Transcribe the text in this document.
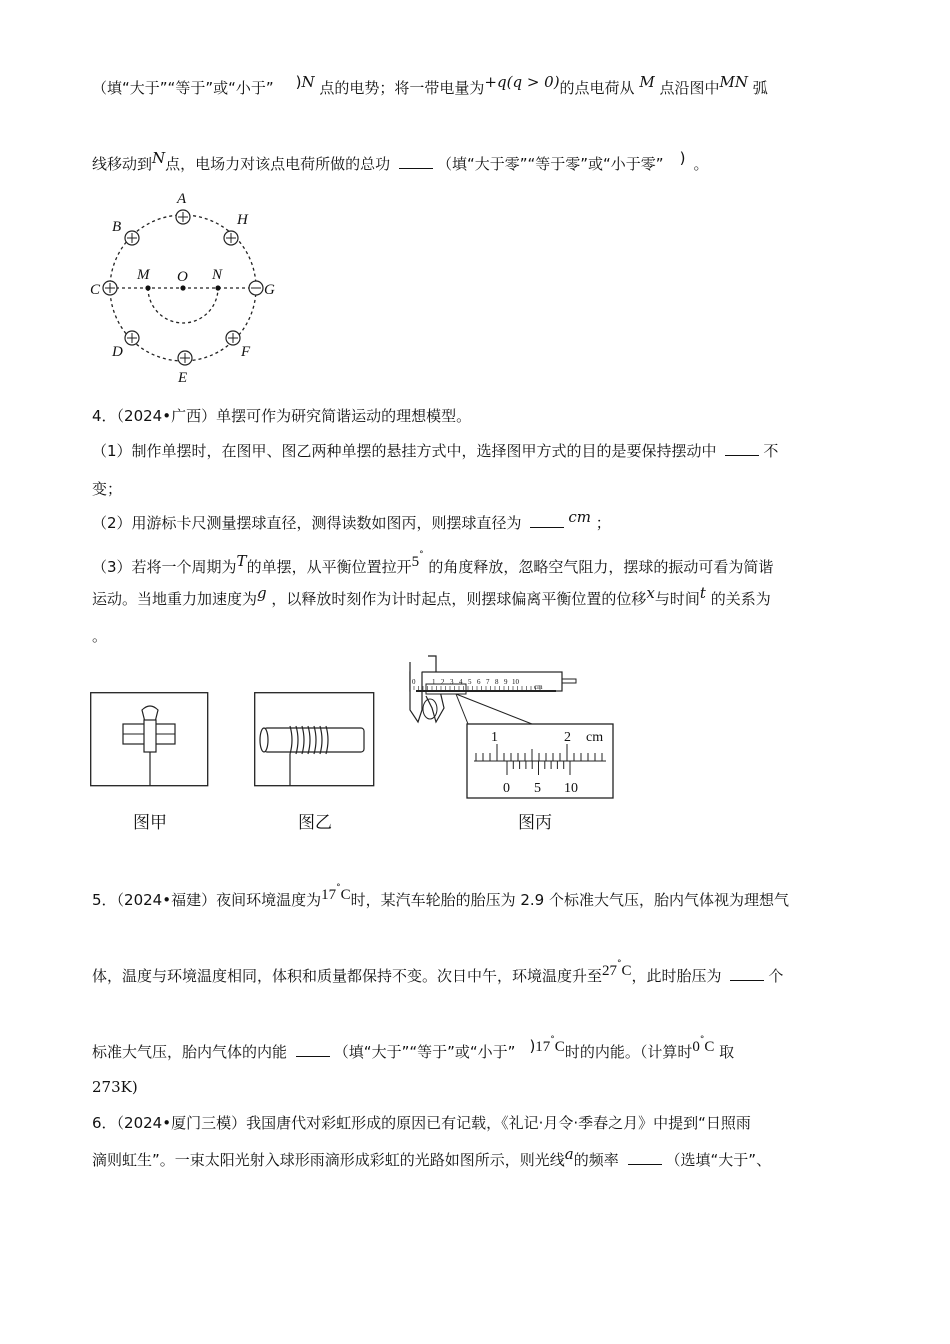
（填“大于”“等于”或“小于” )N 点的电势；将一带电量为+q(q > 0)的点电荷从 M 点沿图中MN 弧
线移动到N点，电场力对该点电荷所做的总功	（填“大于零”“等于零”或“小于零” ) 。
A
B
C
D
E
F
G
H
M O N
4．（2024•广西）单摆可作为研究简谐运动的理想模型。
（1）制作单摆时，在图甲、图乙两种单摆的悬挂方式中，选择图甲方式的目的是要保持摆动中	不
变；
（2）用游标卡尺测量摆球直径，测得读数如图丙，则摆球直径为	cm ；
（3）若将一个周期为T的单摆，从平衡位置拉开5° 的角度释放，忽略空气阻力，摆球的振动可看为简谐
运动。当地重力加速度为g ，以释放时刻作为计时起点，则摆球偏离平衡位置的位移x与时间t 的关系为
。
图甲	图乙
0 1 2 3 4 5 6 7 8 9 10
cm
1	2 cm
0 5 10
图丙
5．（2024•福建）夜间环境温度为17°C时，某汽车轮胎的胎压为 2.9 个标准大气压，胎内气体视为理想气
体，温度与环境温度相同，体积和质量都保持不变。次日中午，环境温度升至27°C，此时胎压为	个
标准大气压，胎内气体的内能	（填“大于”“等于”或“小于” )17°C时的内能。（计算时0°C 取
273K)
6．（2024•厦门三模）我国唐代对彩虹形成的原因已有记载，《礼记·月令·季春之月》中提到“日照雨
滴则虹生”。一束太阳光射入球形雨滴形成彩虹的光路如图所示，则光线a的频率	（选填“大于”、
